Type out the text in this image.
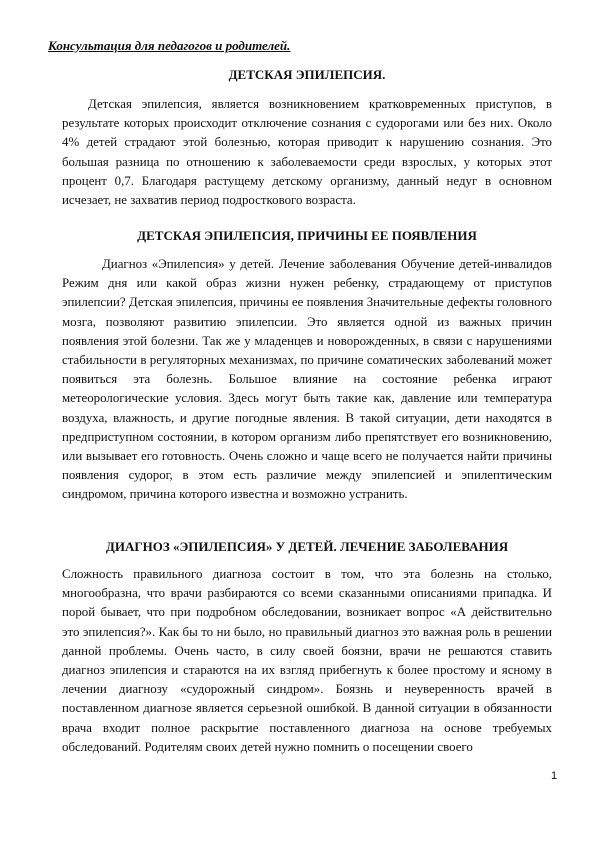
Консультация для педагогов и родителей.
ДЕТСКАЯ ЭПИЛЕПСИЯ.

Детская эпилепсия, является возникновением кратковременных приступов, в результате которых происходит отключение сознания с судорогами или без них. Около 4% детей страдают этой болезнью, которая приводит к нарушению сознания. Это большая разница по отношению к заболеваемости среди взрослых, у которых этот процент 0,7. Благодаря растущему детскому организму, данный недуг в основном исчезает, не захватив период подросткового возраста.

ДЕТСКАЯ ЭПИЛЕПСИЯ, ПРИЧИНЫ ЕЕ ПОЯВЛЕНИЯ

Диагноз «Эпилепсия» у детей. Лечение заболевания Обучение детей-инвалидов Режим дня или какой образ жизни нужен ребенку, страдающему от приступов эпилепсии? Детская эпилепсия, причины ее появления Значительные дефекты головного мозга, позволяют развитию эпилепсии. Это является одной из важных причин появления этой болезни. Так же у младенцев и новорожденных, в связи с нарушениями стабильности в регуляторных механизмах, по причине соматических заболеваний может появиться эта болезнь. Большое влияние на состояние ребенка играют метеорологические условия. Здесь могут быть такие как, давление или температура воздуха, влажность, и другие погодные явления. В такой ситуации, дети находятся в предприступном состоянии, в котором организм либо препятствует его возникновению, или вызывает его готовность. Очень сложно и чаще всего не получается найти причины появления судорог, в этом есть различие между эпилепсией и эпилептическим синдромом, причина которого известна и возможно устранить.

ДИАГНОЗ «ЭПИЛЕПСИЯ» У ДЕТЕЙ. ЛЕЧЕНИЕ ЗАБОЛЕВАНИЯ

Сложность правильного диагноза состоит в том, что эта болезнь на столько, многообразна, что врачи разбираются со всеми сказанными описаниями припадка. И порой бывает, что при подробном обследовании, возникает вопрос «А действительно это эпилепсия?». Как бы то ни было, но правильный диагноз это важная роль в решении данной проблемы. Очень часто, в силу своей боязни, врачи не решаются ставить диагноз эпилепсия и стараются на их взгляд прибегнуть к более простому и ясному в лечении диагнозу «судорожный синдром». Боязнь и неуверенность врачей в поставленном диагнозе является серьезной ошибкой. В данной ситуации в обязанности врача входит полное раскрытие поставленного диагноза на основе требуемых обследований. Родителям своих детей нужно помнить о посещении своего

1
